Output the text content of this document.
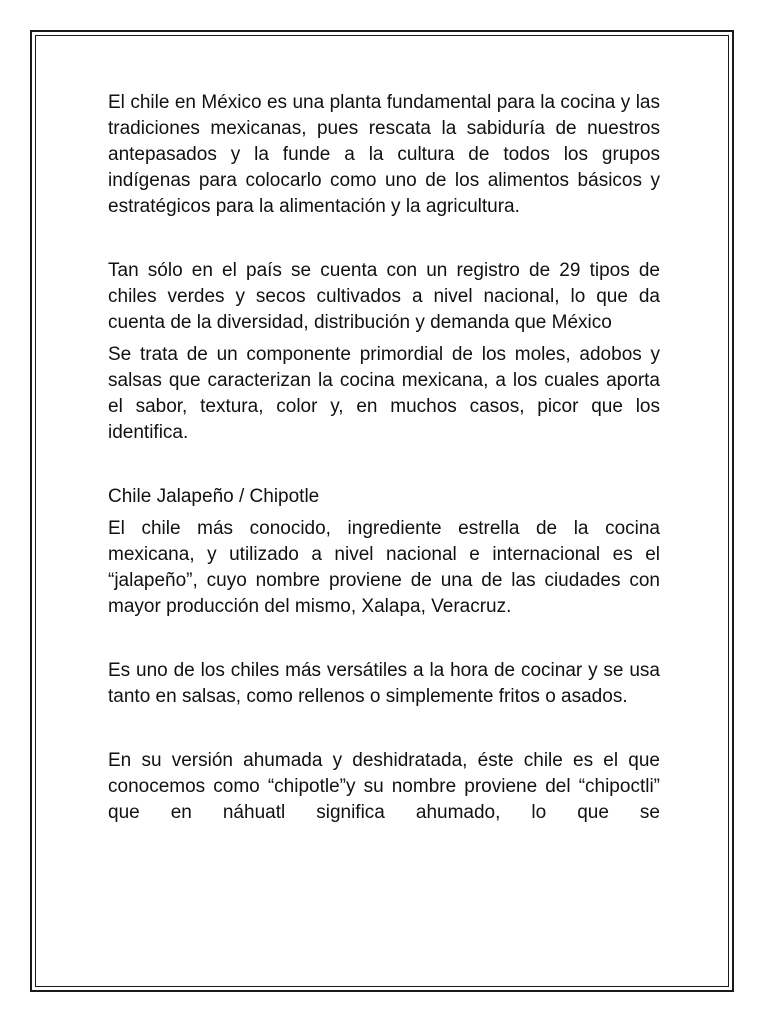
El chile en México es una planta fundamental para la cocina y las tradiciones mexicanas, pues rescata la sabiduría de nuestros antepasados y la funde a la cultura de todos los grupos indígenas para colocarlo como uno de los alimentos básicos y estratégicos para la alimentación y la agricultura.

Tan sólo en el país se cuenta con un registro de 29 tipos de chiles verdes y secos cultivados a nivel nacional, lo que da cuenta de la diversidad, distribución y demanda que México

Se trata de un componente primordial de los moles, adobos y salsas que caracterizan la cocina mexicana, a los cuales aporta el sabor, textura, color y, en muchos casos, picor que los identifica.

Chile Jalapeño / Chipotle

El chile más conocido, ingrediente estrella de la cocina mexicana, y utilizado a nivel nacional e internacional es el “jalapeño”, cuyo nombre proviene de una de las ciudades con mayor producción del mismo, Xalapa, Veracruz.

Es uno de los chiles más versátiles a la hora de cocinar y se usa tanto en salsas, como rellenos o simplemente fritos o asados.

En su versión ahumada y deshidratada, éste chile es el que conocemos como “chipotle”y su nombre proviene del “chipoctli” que en náhuatl significa ahumado, lo que se
